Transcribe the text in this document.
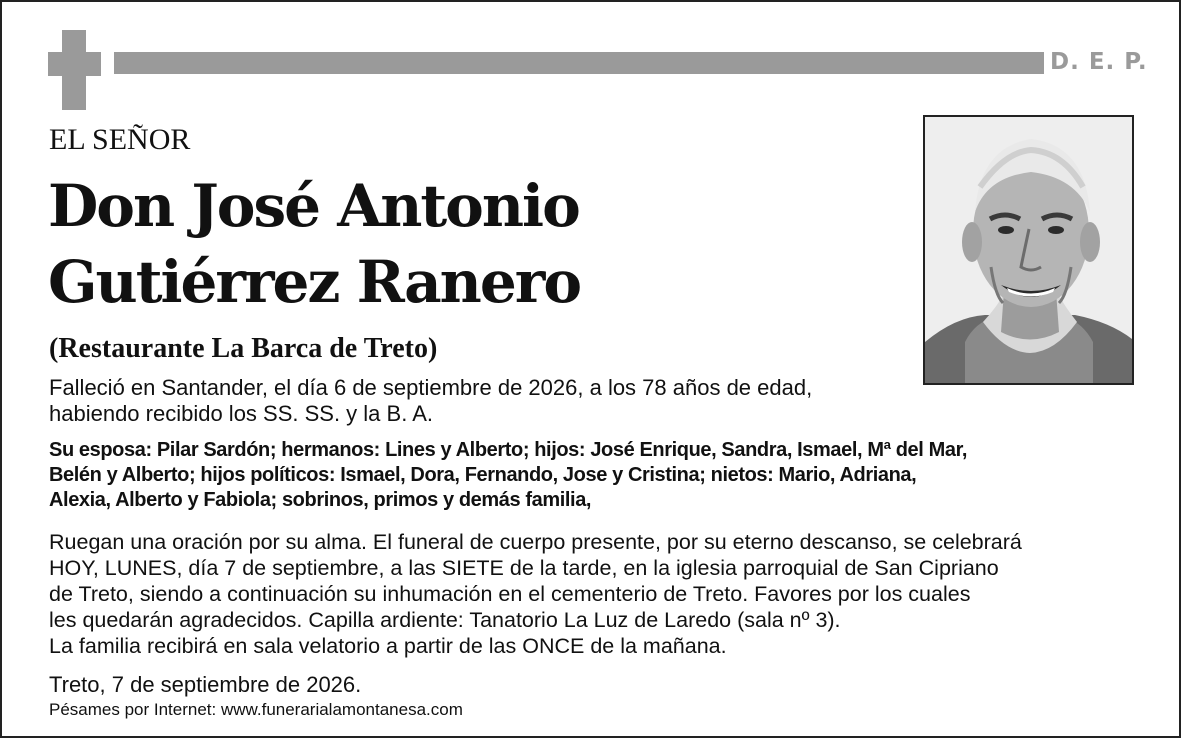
D. E. P.
EL SEÑOR
Don José Antonio
Gutiérrez Ranero
(Restaurante La Barca de Treto)
Falleció en Santander, el día 6 de septiembre de 2026, a los 78 años de edad,
habiendo recibido los SS. SS. y la B. A.
Su esposa: Pilar Sardón; hermanos: Lines y Alberto; hijos: José Enrique, Sandra, Ismael, Mª del Mar,
Belén y Alberto; hijos políticos: Ismael, Dora, Fernando, Jose y Cristina; nietos: Mario, Adriana,
Alexia, Alberto y Fabiola; sobrinos, primos y demás familia,
Ruegan una oración por su alma. El funeral de cuerpo presente, por su eterno descanso, se celebrará
HOY, LUNES, día 7 de septiembre, a las SIETE de la tarde, en la iglesia parroquial de San Cipriano
de Treto, siendo a continuación su inhumación en el cementerio de Treto. Favores por los cuales
les quedarán agradecidos. Capilla ardiente: Tanatorio La Luz de Laredo (sala nº 3).
La familia recibirá en sala velatorio a partir de las ONCE de la mañana.
Treto, 7 de septiembre de 2026.
Pésames por Internet: www.funerarialamontanesa.com
